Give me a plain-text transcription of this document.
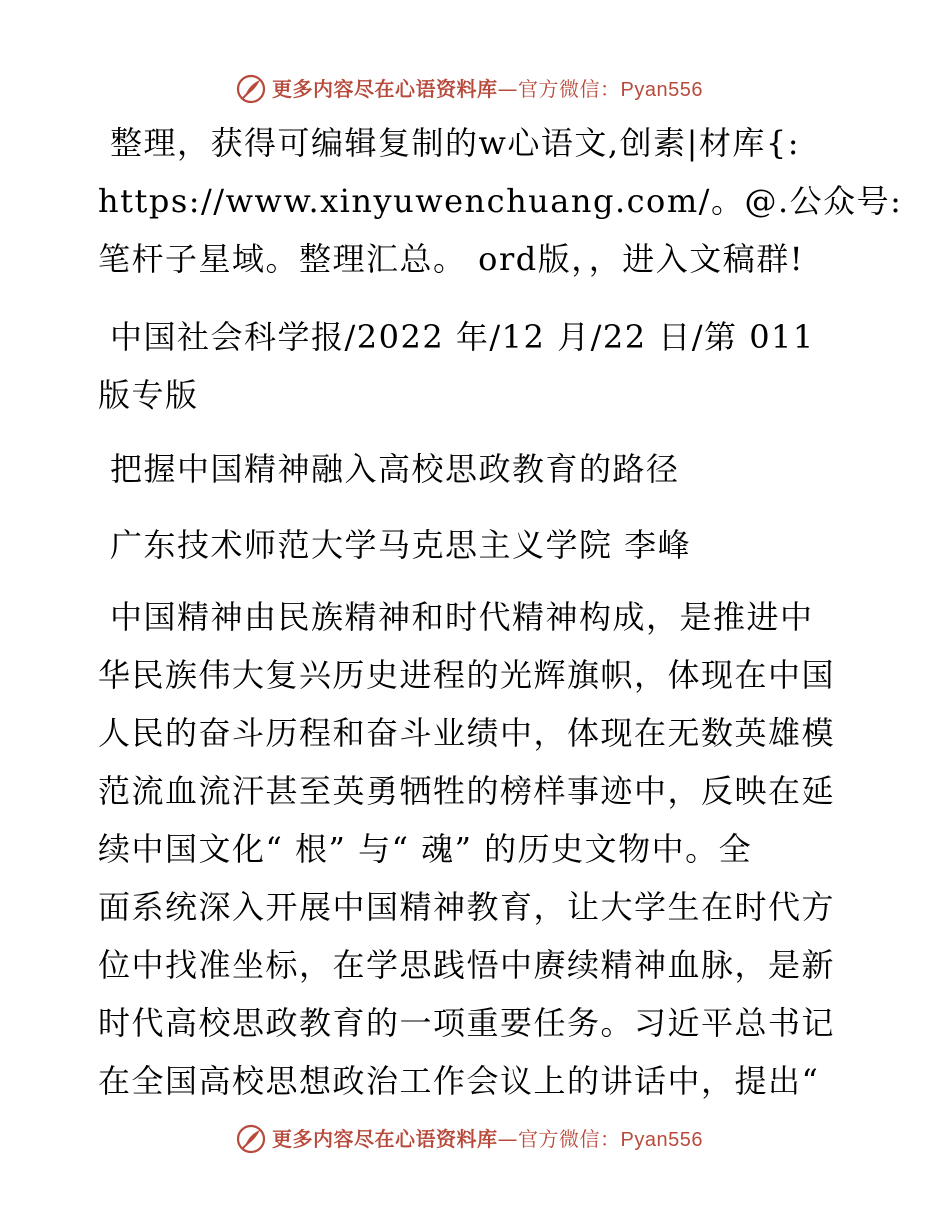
更多内容尽在心语资料库—官方微信：Pyan556
整理，获得可编辑复制的w心语文,创素|材库{:
https://www.xinyuwenchuang.com/。@.公众号:
笔杆子星域。整理汇总。 ord版，，进入文稿群!
中国社会科学报/2022 年/12 月/22 日/第 011
版专版
把握中国精神融入高校思政教育的路径
广东技术师范大学马克思主义学院 李峰
中国精神由民族精神和时代精神构成，是推进中
华民族伟大复兴历史进程的光辉旗帜，体现在中国
人民的奋斗历程和奋斗业绩中，体现在无数英雄模
范流血流汗甚至英勇牺牲的榜样事迹中，反映在延
续中国文化“ 根” 与“ 魂” 的历史文物中。全
面系统深入开展中国精神教育，让大学生在时代方
位中找准坐标，在学思践悟中赓续精神血脉，是新
时代高校思政教育的一项重要任务。习近平总书记
在全国高校思想政治工作会议上的讲话中，提出“
更多内容尽在心语资料库—官方微信：Pyan556
